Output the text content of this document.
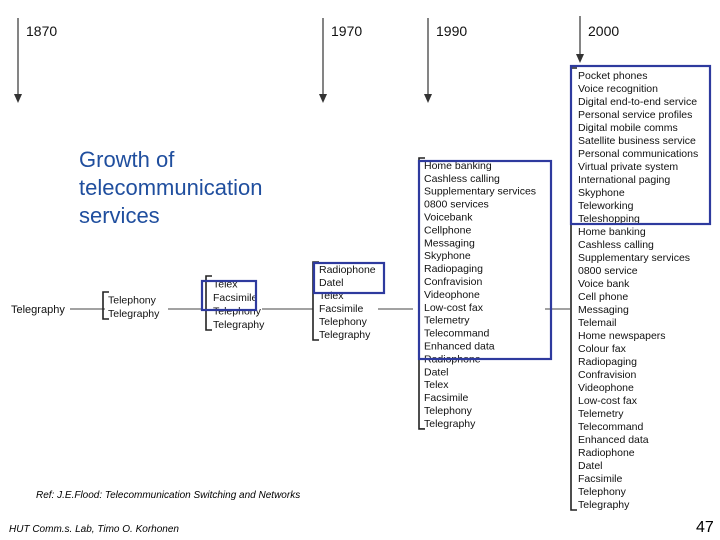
1870	1970	1990	2000
Telegraphy
Telephony
Telegraphy
Telex
Facsimile
Telephony
Telegraphy
Radiophone
Datel
Telex
Facsimile
Telephony
Telegraphy
Home banking
Cashless calling
Supplementary services
0800 services
Voicebank
Cellphone
Messaging
Skyphone
Radiopaging
Confravision
Videophone
Low-cost fax
Telemetry
Telecommand
Enhanced data
Radiophone
Datel
Telex
Facsimile
Telephony
Telegraphy
Pocket phones
Voice recognition
Digital end-to-end service
Personal service profiles
Digital mobile comms
Satellite business service
Personal communications
Virtual private system
International paging
Skyphone
Teleworking
Teleshopping
Home banking
Cashless calling
Supplementary services
0800 service
Voice bank
Cell phone
Messaging
Telemail
Home newspapers
Colour fax
Radiopaging
Confravision
Videophone
Low-cost fax
Telemetry
Telecommand
Enhanced data
Radiophone
Datel
Facsimile
Telephony
Telegraphy
Growth of
telecommunication
services
Ref: J.E.Flood: Telecommunication Switching and Networks
HUT Comm.s. Lab, Timo O. Korhonen	47
